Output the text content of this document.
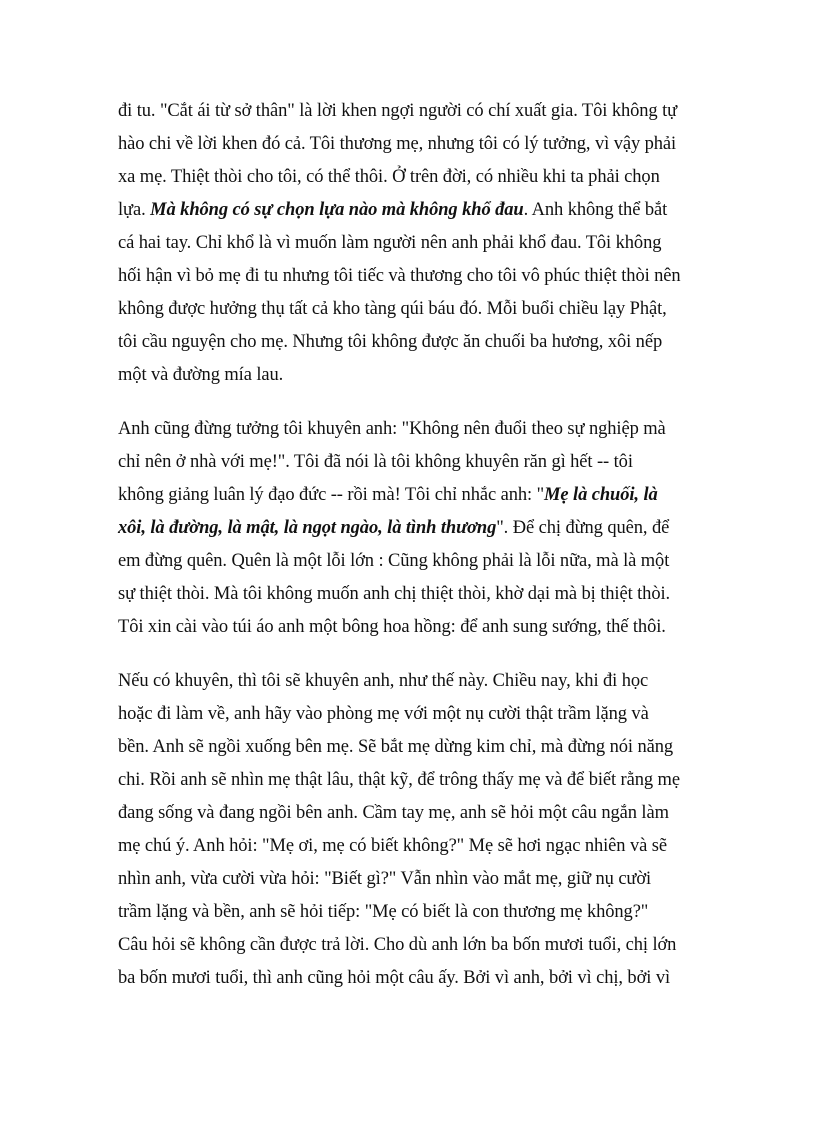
đi tu. "Cắt ái từ sở thân" là lời khen ngợi người có chí xuất gia. Tôi không tự
hào chi về lời khen đó cả. Tôi thương mẹ, nhưng tôi có lý tưởng, vì vậy phải
xa mẹ. Thiệt thòi cho tôi, có thể thôi. Ở trên đời, có nhiều khi ta phải chọn
lựa. Mà không có sự chọn lựa nào mà không khổ đau. Anh không thể bắt
cá hai tay. Chỉ khổ là vì muốn làm người nên anh phải khổ đau. Tôi không
hối hận vì bỏ mẹ đi tu nhưng tôi tiếc và thương cho tôi vô phúc thiệt thòi nên
không được hưởng thụ tất cả kho tàng qúi báu đó. Mỗi buổi chiều lạy Phật,
tôi cầu nguyện cho mẹ. Nhưng tôi không được ăn chuối ba hương, xôi nếp
một và đường mía lau.
Anh cũng đừng tưởng tôi khuyên anh: "Không nên đuổi theo sự nghiệp mà
chỉ nên ở nhà với mẹ!". Tôi đã nói là tôi không khuyên răn gì hết -- tôi
không giảng luân lý đạo đức -- rồi mà! Tôi chỉ nhắc anh: "Mẹ là chuối, là
xôi, là đường, là mật, là ngọt ngào, là tình thương". Để chị đừng quên, để
em đừng quên. Quên là một lỗi lớn : Cũng không phải là lỗi nữa, mà là một
sự thiệt thòi. Mà tôi không muốn anh chị thiệt thòi, khờ dại mà bị thiệt thòi.
Tôi xin cài vào túi áo anh một bông hoa hồng: để anh sung sướng, thế thôi.
Nếu có khuyên, thì tôi sẽ khuyên anh, như thế này. Chiều nay, khi đi học
hoặc đi làm về, anh hãy vào phòng mẹ với một nụ cười thật trầm lặng và
bền. Anh sẽ ngồi xuống bên mẹ. Sẽ bắt mẹ dừng kim chỉ, mà đừng nói năng
chi. Rồi anh sẽ nhìn mẹ thật lâu, thật kỹ, để trông thấy mẹ và để biết rằng mẹ
đang sống và đang ngồi bên anh. Cầm tay mẹ, anh sẽ hỏi một câu ngắn làm
mẹ chú ý. Anh hỏi: "Mẹ ơi, mẹ có biết không?" Mẹ sẽ hơi ngạc nhiên và sẽ
nhìn anh, vừa cười vừa hỏi: "Biết gì?" Vẫn nhìn vào mắt mẹ, giữ nụ cười
trầm lặng và bền, anh sẽ hỏi tiếp: "Mẹ có biết là con thương mẹ không?"
Câu hỏi sẽ không cần được trả lời. Cho dù anh lớn ba bốn mươi tuổi, chị lớn
ba bốn mươi tuổi, thì anh cũng hỏi một câu ấy. Bởi vì anh, bởi vì chị, bởi vì
